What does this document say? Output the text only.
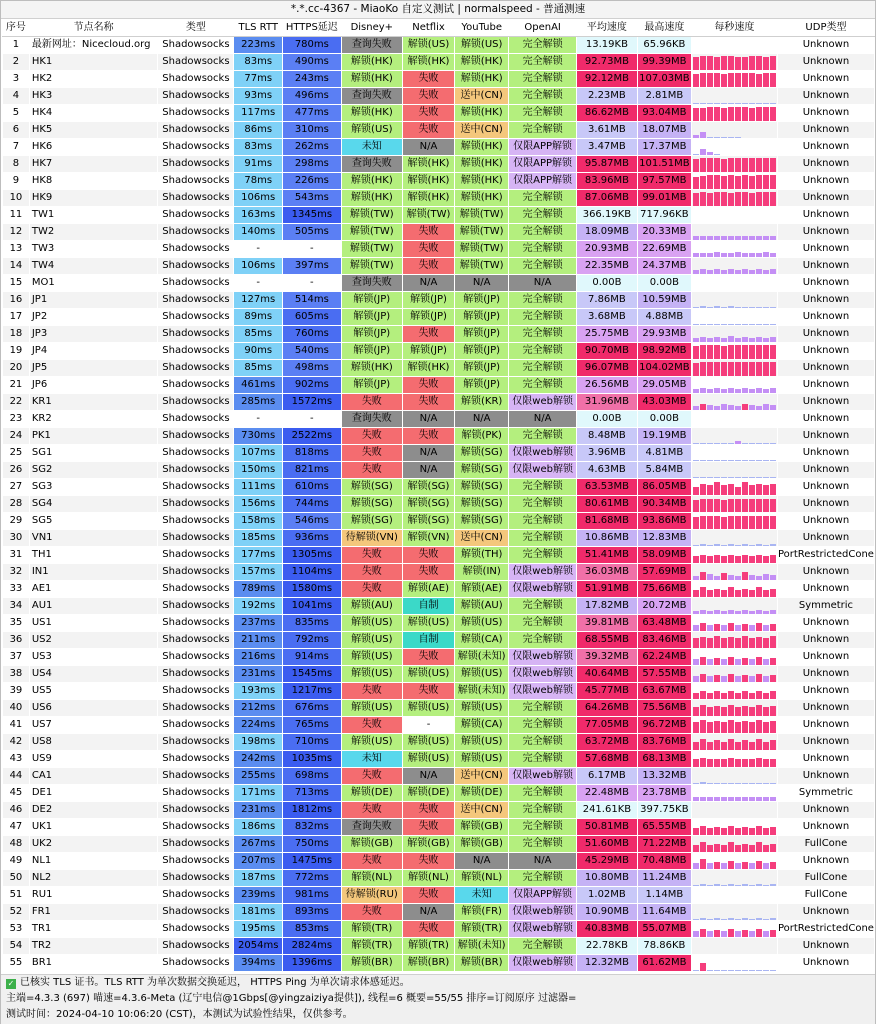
*.*.cc-4367 - MiaoKo 自定义测试 | normalspeed - 普通测速
序号	节点名称	类型	TLS RTT	HTTPS延迟	Disney+	Netflix	YouTube	OpenAI	平均速度	最高速度	每秒速度	UDP类型
1	最新网址：Nicecloud.org	Shadowsocks	223ms	780ms	查询失败	解锁(US)	解锁(US)	完全解锁	13.19KB	65.96KB		Unknown
2	HK1	Shadowsocks	83ms	490ms	解锁(HK)	解锁(HK)	解锁(HK)	完全解锁	92.73MB	99.39MB		Unknown
3	HK2	Shadowsocks	77ms	243ms	解锁(HK)	失败	解锁(HK)	完全解锁	92.12MB	107.03MB		Unknown
4	HK3	Shadowsocks	93ms	496ms	查询失败	失败	送中(CN)	完全解锁	2.23MB	2.81MB		Unknown
5	HK4	Shadowsocks	117ms	477ms	解锁(HK)	失败	解锁(HK)	完全解锁	86.62MB	93.04MB		Unknown
6	HK5	Shadowsocks	86ms	310ms	解锁(US)	失败	送中(CN)	完全解锁	3.61MB	18.07MB		Unknown
7	HK6	Shadowsocks	83ms	262ms	未知	N/A	解锁(HK)	仅限APP解锁	3.47MB	17.37MB		Unknown
8	HK7	Shadowsocks	91ms	298ms	查询失败	解锁(HK)	解锁(HK)	仅限APP解锁	95.87MB	101.51MB		Unknown
9	HK8	Shadowsocks	78ms	226ms	解锁(HK)	解锁(HK)	解锁(HK)	仅限APP解锁	83.96MB	97.57MB		Unknown
10	HK9	Shadowsocks	106ms	543ms	解锁(HK)	解锁(HK)	解锁(HK)	完全解锁	87.06MB	99.01MB		Unknown
11	TW1	Shadowsocks	163ms	1345ms	解锁(TW)	解锁(TW)	解锁(TW)	完全解锁	366.19KB	717.96KB		Unknown
12	TW2	Shadowsocks	140ms	505ms	解锁(TW)	失败	解锁(TW)	完全解锁	18.09MB	20.33MB		Unknown
13	TW3	Shadowsocks	-	-	解锁(TW)	失败	解锁(TW)	完全解锁	20.93MB	22.69MB		Unknown
14	TW4	Shadowsocks	106ms	397ms	解锁(TW)	失败	解锁(TW)	完全解锁	22.35MB	24.37MB		Unknown
15	MO1	Shadowsocks	-	-	查询失败	N/A	N/A	N/A	0.00B	0.00B		Unknown
16	JP1	Shadowsocks	127ms	514ms	解锁(JP)	解锁(JP)	解锁(JP)	完全解锁	7.86MB	10.59MB		Unknown
17	JP2	Shadowsocks	89ms	605ms	解锁(JP)	解锁(JP)	解锁(JP)	完全解锁	3.68MB	4.88MB		Unknown
18	JP3	Shadowsocks	85ms	760ms	解锁(JP)	失败	解锁(JP)	完全解锁	25.75MB	29.93MB		Unknown
19	JP4	Shadowsocks	90ms	540ms	解锁(JP)	解锁(JP)	解锁(JP)	完全解锁	90.70MB	98.92MB		Unknown
20	JP5	Shadowsocks	85ms	498ms	解锁(HK)	解锁(HK)	解锁(JP)	完全解锁	96.07MB	104.02MB		Unknown
21	JP6	Shadowsocks	461ms	902ms	解锁(JP)	失败	解锁(JP)	完全解锁	26.56MB	29.05MB		Unknown
22	KR1	Shadowsocks	285ms	1572ms	失败	失败	解锁(KR)	仅限web解锁	31.96MB	43.03MB		Unknown
23	KR2	Shadowsocks	-	-	查询失败	N/A	N/A	N/A	0.00B	0.00B		Unknown
24	PK1	Shadowsocks	730ms	2522ms	失败	失败	解锁(PK)	完全解锁	8.48MB	19.19MB		Unknown
25	SG1	Shadowsocks	107ms	818ms	失败	N/A	解锁(SG)	仅限web解锁	3.96MB	4.81MB		Unknown
26	SG2	Shadowsocks	150ms	821ms	失败	N/A	解锁(SG)	仅限web解锁	4.63MB	5.84MB		Unknown
27	SG3	Shadowsocks	111ms	610ms	解锁(SG)	解锁(SG)	解锁(SG)	完全解锁	63.53MB	86.05MB		Unknown
28	SG4	Shadowsocks	156ms	744ms	解锁(SG)	解锁(SG)	解锁(SG)	完全解锁	80.61MB	90.34MB		Unknown
29	SG5	Shadowsocks	158ms	546ms	解锁(SG)	解锁(SG)	解锁(SG)	完全解锁	81.68MB	93.86MB		Unknown
30	VN1	Shadowsocks	185ms	936ms	待解锁(VN)	解锁(VN)	送中(CN)	完全解锁	10.86MB	12.83MB		Unknown
31	TH1	Shadowsocks	177ms	1305ms	失败	失败	解锁(TH)	完全解锁	51.41MB	58.09MB		PortRestrictedCone
32	IN1	Shadowsocks	157ms	1104ms	失败	失败	解锁(IN)	仅限web解锁	36.03MB	57.69MB		Unknown
33	AE1	Shadowsocks	789ms	1580ms	失败	解锁(AE)	解锁(AE)	仅限web解锁	51.91MB	75.66MB		Unknown
34	AU1	Shadowsocks	192ms	1041ms	解锁(AU)	自制	解锁(AU)	完全解锁	17.82MB	20.72MB		Symmetric
35	US1	Shadowsocks	237ms	835ms	解锁(US)	解锁(US)	解锁(US)	完全解锁	39.81MB	63.48MB		Unknown
36	US2	Shadowsocks	211ms	792ms	解锁(US)	自制	解锁(CA)	完全解锁	68.55MB	83.46MB		Unknown
37	US3	Shadowsocks	216ms	914ms	解锁(US)	失败	解锁(未知)	仅限web解锁	39.32MB	62.24MB		Unknown
38	US4	Shadowsocks	231ms	1545ms	解锁(US)	解锁(US)	解锁(US)	仅限web解锁	40.64MB	57.55MB		Unknown
39	US5	Shadowsocks	193ms	1217ms	失败	失败	解锁(未知)	仅限web解锁	45.77MB	63.67MB		Unknown
40	US6	Shadowsocks	212ms	676ms	解锁(US)	解锁(US)	解锁(US)	完全解锁	64.26MB	75.56MB		Unknown
41	US7	Shadowsocks	224ms	765ms	失败	-	解锁(CA)	完全解锁	77.05MB	96.72MB		Unknown
42	US8	Shadowsocks	198ms	710ms	解锁(US)	解锁(US)	解锁(US)	完全解锁	63.72MB	83.76MB		Unknown
43	US9	Shadowsocks	242ms	1035ms	未知	解锁(US)	解锁(US)	完全解锁	57.68MB	68.13MB		Unknown
44	CA1	Shadowsocks	255ms	698ms	失败	N/A	送中(CN)	仅限web解锁	6.17MB	13.32MB		Unknown
45	DE1	Shadowsocks	171ms	713ms	解锁(DE)	解锁(DE)	解锁(DE)	完全解锁	22.48MB	23.78MB		Symmetric
46	DE2	Shadowsocks	231ms	1812ms	失败	失败	送中(CN)	完全解锁	241.61KB	397.75KB		Unknown
47	UK1	Shadowsocks	186ms	832ms	查询失败	失败	解锁(GB)	完全解锁	50.81MB	65.55MB		Unknown
48	UK2	Shadowsocks	267ms	750ms	解锁(GB)	解锁(GB)	解锁(GB)	完全解锁	51.60MB	71.22MB		FullCone
49	NL1	Shadowsocks	207ms	1475ms	失败	失败	N/A	N/A	45.29MB	70.48MB		Unknown
50	NL2	Shadowsocks	187ms	772ms	解锁(NL)	解锁(NL)	解锁(NL)	完全解锁	10.80MB	11.24MB		FullCone
51	RU1	Shadowsocks	239ms	981ms	待解锁(RU)	失败	未知	仅限APP解锁	1.02MB	1.14MB		FullCone
52	FR1	Shadowsocks	181ms	893ms	失败	N/A	解锁(FR)	仅限web解锁	10.90MB	11.64MB		Unknown
53	TR1	Shadowsocks	195ms	853ms	解锁(TR)	失败	解锁(TR)	仅限web解锁	40.83MB	55.07MB		PortRestrictedCone
54	TR2	Shadowsocks	2054ms	2824ms	解锁(TR)	解锁(TR)	解锁(未知)	完全解锁	22.78KB	78.86KB		Unknown
55	BR1	Shadowsocks	394ms	1396ms	解锁(BR)	解锁(BR)	解锁(BR)	仅限web解锁	12.32MB	61.62MB		Unknown
✓ 已核实 TLS 证书。TLS RTT 为单次数据交换延迟， HTTPS Ping 为单次请求体感延迟。
主端=4.3.3 (697) 喵速=4.3.6-Meta (辽宁电信@1Gbps[@yingzaiziya提供]), 线程=6 概要=55/55 排序=订阅原序 过滤器=
测试时间：2024-04-10 10:06:20 (CST)，本测试为试验性结果，仅供参考。
